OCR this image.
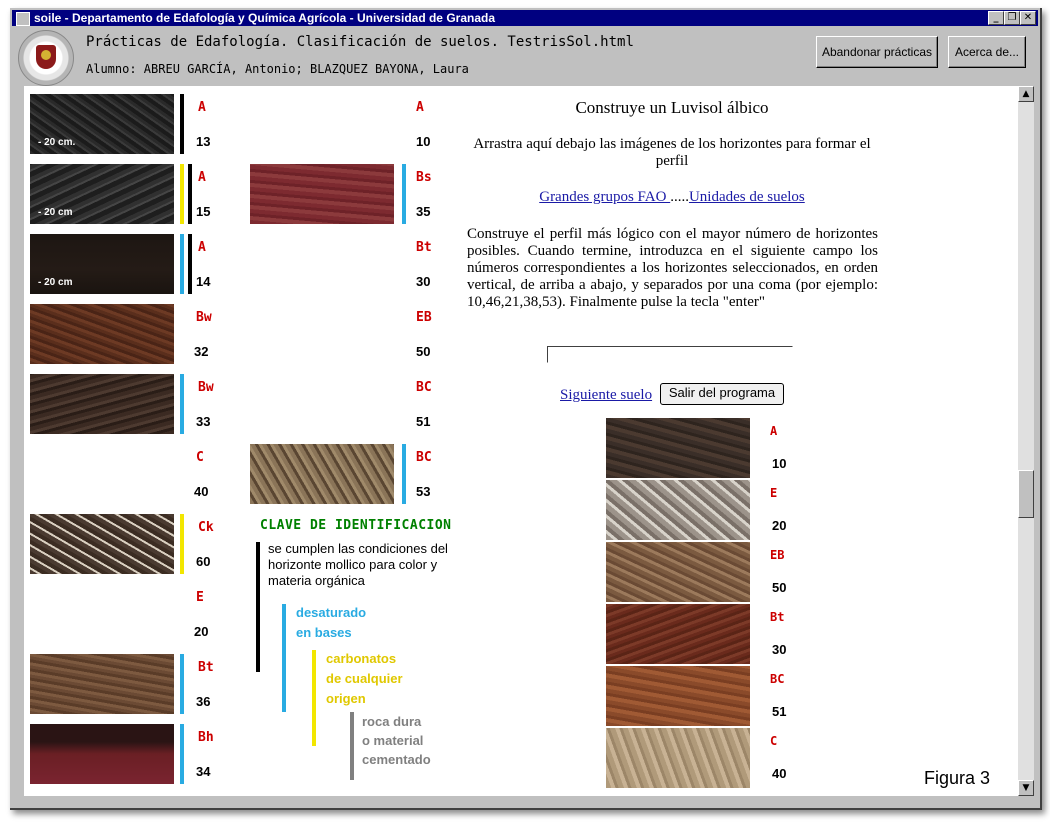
soile - Departamento de Edafología y Química Agrícola - Universidad de Granada	_ ❐ ✕
Prácticas de Edafología. Clasificación de suelos. TestrisSol.html
Alumno: ABREU GARCÍA, Antonio; BLAZQUEZ BAYONA, Laura
Abandonar prácticas	Acerca de...
▲
▼
- 20 cm.
A
13
- 20 cm
A
15
- 20 cm
A
14
Bw
32
Bw
33
C
40
Ck
60
E
20
Bt
36
Bh
34
A
10
Bs
35
Bt
30
EB
50
BC
51
BC
53
CLAVE DE IDENTIFICACION
se cumplen las condiciones del horizonte mollico para color y materia orgánica
desaturado
en bases
carbonatos
de cualquier
origen
roca dura
o material
cementado
Construye un Luvisol álbico
Arrastra aquí debajo las imágenes de los horizontes para formar el perfil
Grandes grupos FAO .....Unidades de suelos
Construye el perfil más lógico con el mayor número de horizontes posibles. Cuando termine, introduzca en el siguiente campo los números correspondientes a los horizontes seleccionados, en orden vertical, de arriba a abajo, y separados por una coma (por ejemplo: 10,46,21,38,53). Finalmente pulse la tecla "enter"
Siguiente suelo	Salir del programa
A
10
E
20
EB
50
Bt
30
BC
51
C
40	Figura 3
